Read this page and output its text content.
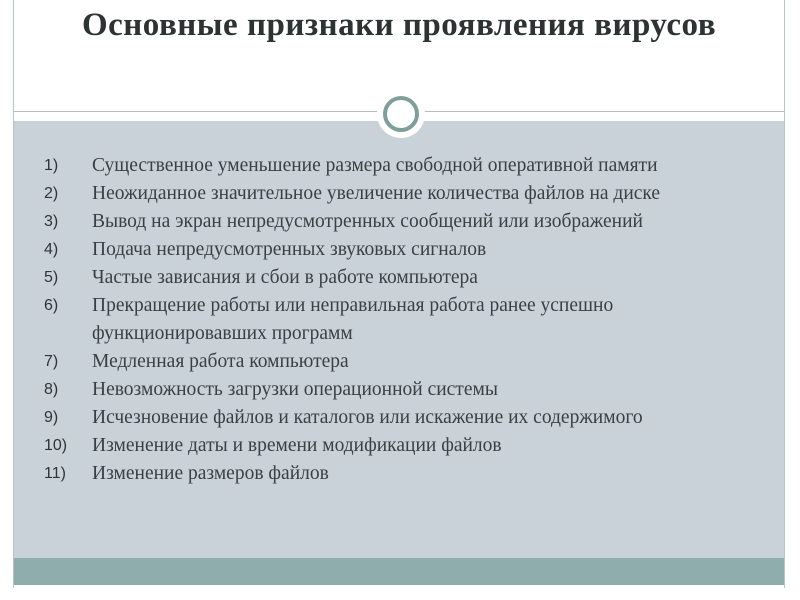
Основные признаки проявления вирусов
1)	Существенное уменьшение размера свободной оперативной памяти
2)	Неожиданное значительное увеличение количества файлов на диске
3)	Вывод на экран непредусмотренных сообщений или изображений
4)	Подача непредусмотренных звуковых сигналов
5)	Частые зависания и сбои в работе компьютера
6)	Прекращение работы или неправильная работа ранее успешно функционировавших программ
7)	Медленная работа компьютера
8)	Невозможность загрузки операционной системы
9)	Исчезновение файлов и каталогов или искажение их содержимого
10)	Изменение даты и времени модификации файлов
11)	Изменение размеров файлов
